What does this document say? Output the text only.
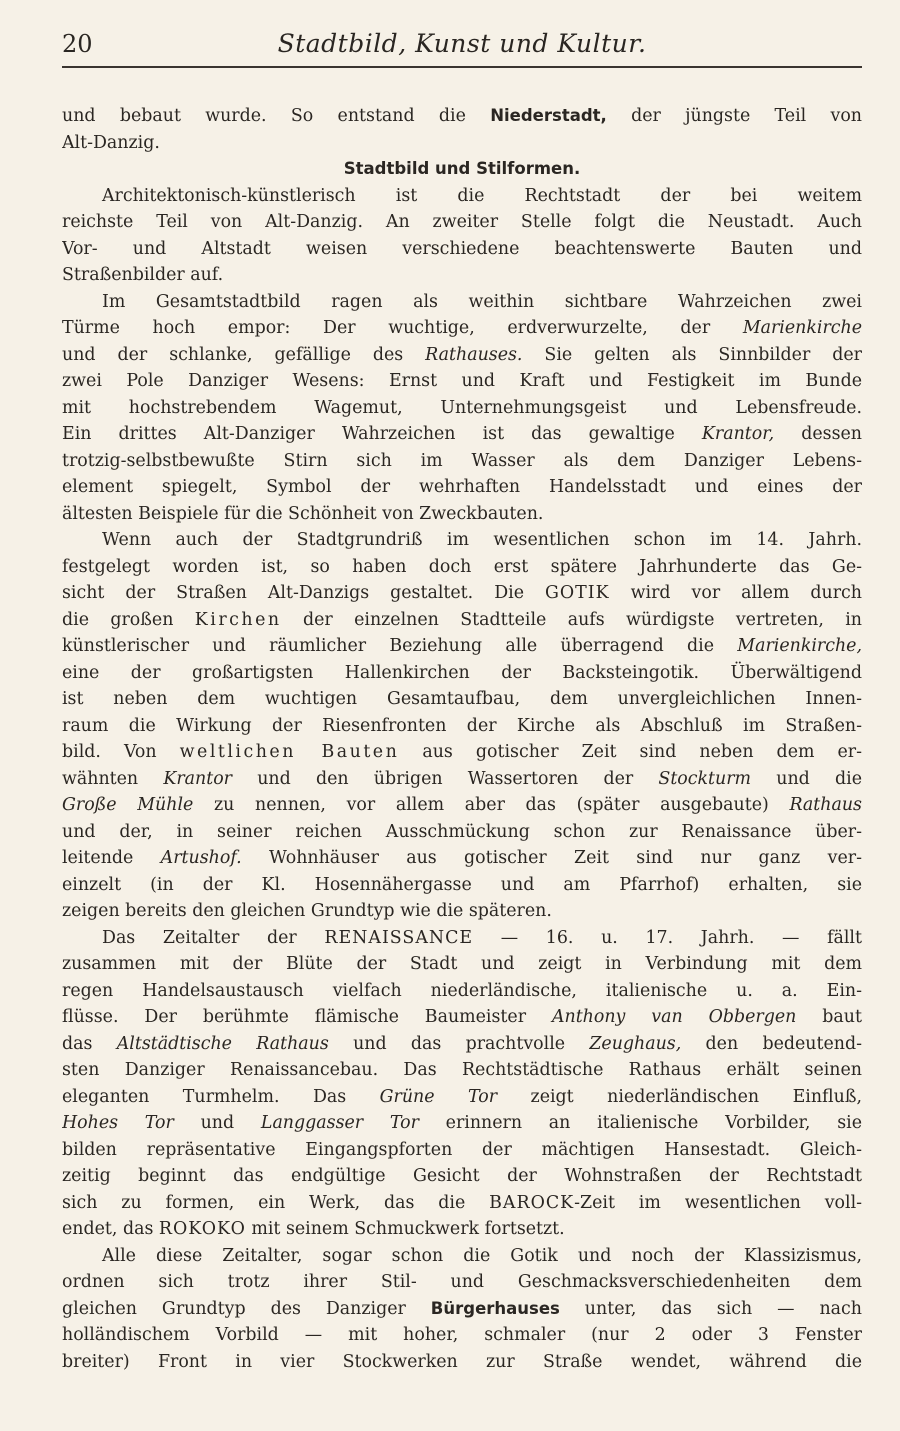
20	Stadtbild, Kunst und Kultur.
und bebaut wurde. So entstand die Niederstadt, der jüngste Teil von
Alt-Danzig.
Stadtbild und Stilformen.
Architektonisch-künstlerisch ist die Rechtstadt der bei weitem
reichste Teil von Alt-Danzig. An zweiter Stelle folgt die Neustadt. Auch
Vor- und Altstadt weisen verschiedene beachtenswerte Bauten und
Straßenbilder auf.
Im Gesamtstadtbild ragen als weithin sichtbare Wahrzeichen zwei
Türme hoch empor: Der wuchtige, erdverwurzelte, der Marienkirche
und der schlanke, gefällige des Rathauses. Sie gelten als Sinnbilder der
zwei Pole Danziger Wesens: Ernst und Kraft und Festigkeit im Bunde
mit hochstrebendem Wagemut, Unternehmungsgeist und Lebensfreude.
Ein drittes Alt-Danziger Wahrzeichen ist das gewaltige Krantor, dessen
trotzig-selbstbewußte Stirn sich im Wasser als dem Danziger Lebens-
element spiegelt, Symbol der wehrhaften Handelsstadt und eines der
ältesten Beispiele für die Schönheit von Zweckbauten.
Wenn auch der Stadtgrundriß im wesentlichen schon im 14. Jahrh.
festgelegt worden ist, so haben doch erst spätere Jahrhunderte das Ge-
sicht der Straßen Alt-Danzigs gestaltet. Die GOTIK wird vor allem durch
die großen Kirchen der einzelnen Stadtteile aufs würdigste vertreten, in
künstlerischer und räumlicher Beziehung alle überragend die Marienkirche,
eine der großartigsten Hallenkirchen der Backsteingotik. Überwältigend
ist neben dem wuchtigen Gesamtaufbau, dem unvergleichlichen Innen-
raum die Wirkung der Riesenfronten der Kirche als Abschluß im Straßen-
bild. Von weltlichen Bauten aus gotischer Zeit sind neben dem er-
wähnten Krantor und den übrigen Wassertoren der Stockturm und die
Große Mühle zu nennen, vor allem aber das (später ausgebaute) Rathaus
und der, in seiner reichen Ausschmückung schon zur Renaissance über-
leitende Artushof. Wohnhäuser aus gotischer Zeit sind nur ganz ver-
einzelt (in der Kl. Hosennähergasse und am Pfarrhof) erhalten, sie
zeigen bereits den gleichen Grundtyp wie die späteren.
Das Zeitalter der RENAISSANCE — 16. u. 17. Jahrh. — fällt
zusammen mit der Blüte der Stadt und zeigt in Verbindung mit dem
regen Handelsaustausch vielfach niederländische, italienische u. a. Ein-
flüsse. Der berühmte flämische Baumeister Anthony van Obbergen baut
das Altstädtische Rathaus und das prachtvolle Zeughaus, den bedeutend-
sten Danziger Renaissancebau. Das Rechtstädtische Rathaus erhält seinen
eleganten Turmhelm. Das Grüne Tor zeigt niederländischen Einfluß,
Hohes Tor und Langgasser Tor erinnern an italienische Vorbilder, sie
bilden repräsentative Eingangspforten der mächtigen Hansestadt. Gleich-
zeitig beginnt das endgültige Gesicht der Wohnstraßen der Rechtstadt
sich zu formen, ein Werk, das die BAROCK-Zeit im wesentlichen voll-
endet, das ROKOKO mit seinem Schmuckwerk fortsetzt.
Alle diese Zeitalter, sogar schon die Gotik und noch der Klassizismus,
ordnen sich trotz ihrer Stil- und Geschmacksverschiedenheiten dem
gleichen Grundtyp des Danziger Bürgerhauses unter, das sich — nach
holländischem Vorbild — mit hoher, schmaler (nur 2 oder 3 Fenster
breiter) Front in vier Stockwerken zur Straße wendet, während die
